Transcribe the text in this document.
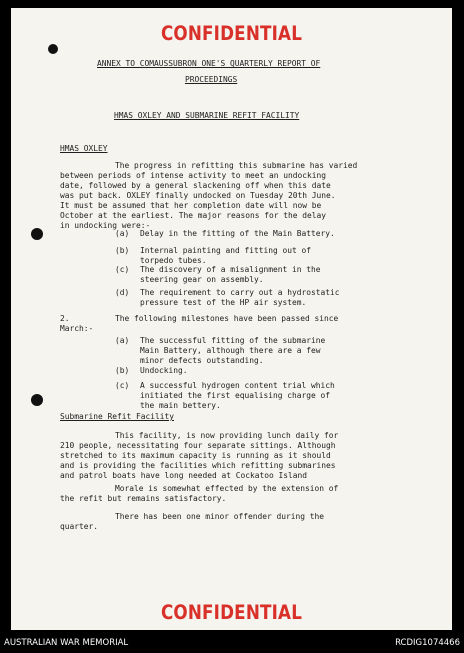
CONFIDENTIAL
ANNEX TO COMAUSSUBRON ONE'S QUARTERLY REPORT OF
PROCEEDINGS
HMAS OXLEY AND SUBMARINE REFIT FACILITY
HMAS OXLEY
The progress in refitting this submarine has varied
between periods of intense activity to meet an undocking
date, followed by a general slackening off when this date
was put back. OXLEY finally undocked on Tuesday 20th June.
It must be assumed that her completion date will now be
October at the earliest. The major reasons for the delay
in undocking were:-
(a) Delay in the fitting of the Main Battery.
(b) Internal painting and fitting out of
torpedo tubes.
(c) The discovery of a misalignment in the
steering gear on assembly.
(d) The requirement to carry out a hydrostatic
pressure test of the HP air system.
2.	The following milestones have been passed since
March:-
(a) The successful fitting of the submarine
Main Battery, although there are a few
minor defects outstanding.
(b) Undocking.
(c) A successful hydrogen content trial which
initiated the first equalising charge of
the main bettery.
Submarine Refit Facility
This facility, is now providing lunch daily for
210 people, necessitating four separate sittings. Although
stretched to its maximum capacity is running as it should
and is providing the facilities which refitting submarines
and patrol boats have long needed at Cockatoo Island
Morale is somewhat effected by the extension of
the refit but remains satisfactory.
There has been one minor offender during the
quarter.
CONFIDENTIAL
AUSTRALIAN WAR MEMORIAL	RCDIG1074466
